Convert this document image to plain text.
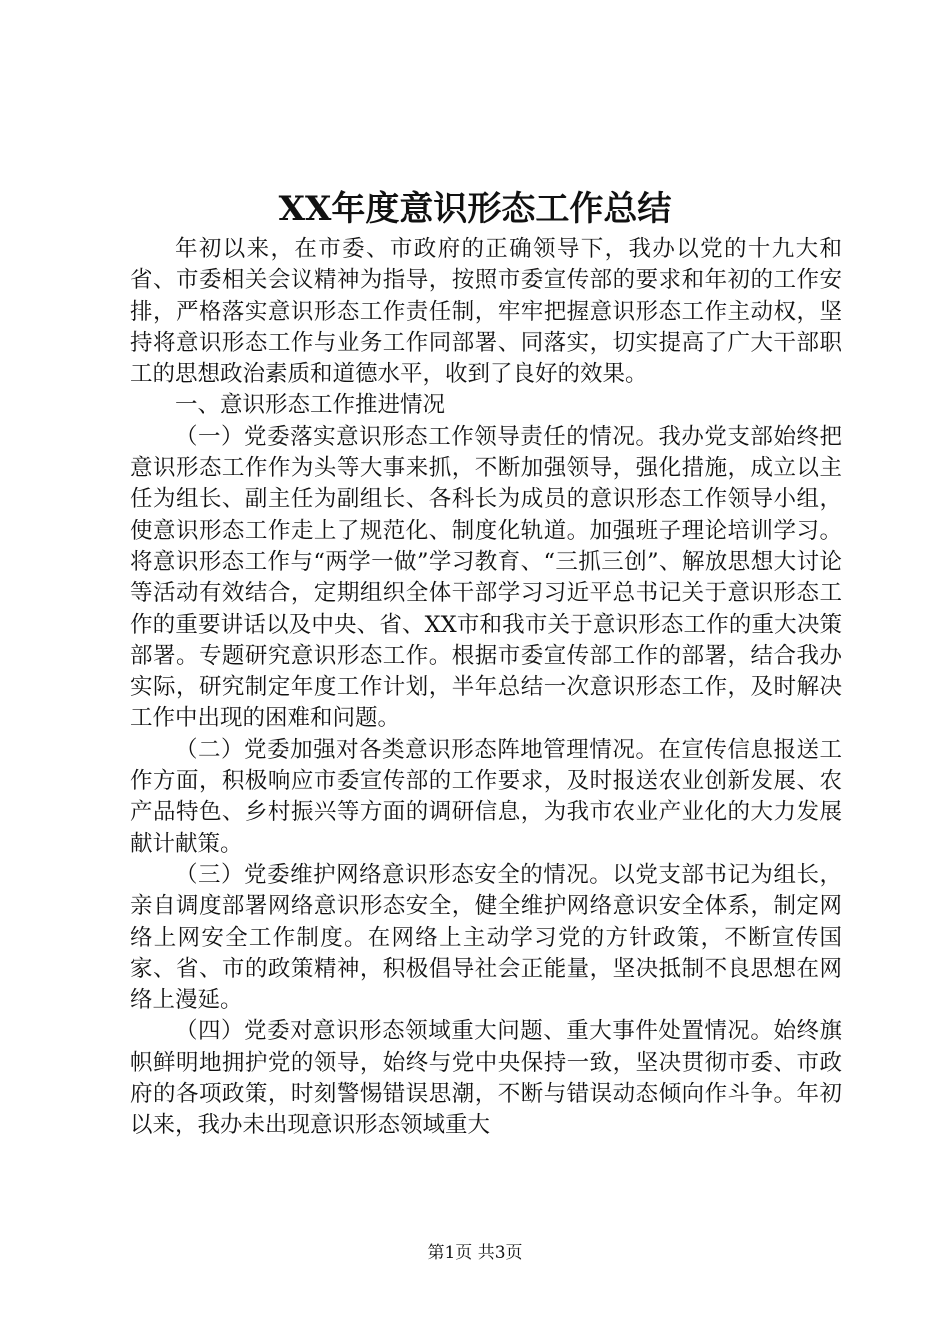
XX年度意识形态工作总结

年初以来，在市委、市政府的正确领导下，我办以党的十九大和省、市委相关会议精神为指导，按照市委宣传部的要求和年初的工作安排，严格落实意识形态工作责任制，牢牢把握意识形态工作主动权，坚持将意识形态工作与业务工作同部署、同落实，切实提高了广大干部职工的思想政治素质和道德水平，收到了良好的效果。

一、意识形态工作推进情况

（一）党委落实意识形态工作领导责任的情况。我办党支部始终把意识形态工作作为头等大事来抓，不断加强领导，强化措施，成立以主任为组长、副主任为副组长、各科长为成员的意识形态工作领导小组，使意识形态工作走上了规范化、制度化轨道。加强班子理论培训学习。将意识形态工作与“两学一做”学习教育、“三抓三创”、解放思想大讨论等活动有效结合，定期组织全体干部学习习近平总书记关于意识形态工作的重要讲话以及中央、省、XX市和我市关于意识形态工作的重大决策部署。专题研究意识形态工作。根据市委宣传部工作的部署，结合我办实际，研究制定年度工作计划，半年总结一次意识形态工作，及时解决工作中出现的困难和问题。

（二）党委加强对各类意识形态阵地管理情况。在宣传信息报送工作方面，积极响应市委宣传部的工作要求，及时报送农业创新发展、农产品特色、乡村振兴等方面的调研信息，为我市农业产业化的大力发展献计献策。

（三）党委维护网络意识形态安全的情况。以党支部书记为组长，亲自调度部署网络意识形态安全，健全维护网络意识安全体系，制定网络上网安全工作制度。在网络上主动学习党的方针政策，不断宣传国家、省、市的政策精神，积极倡导社会正能量，坚决抵制不良思想在网络上漫延。

（四）党委对意识形态领域重大问题、重大事件处置情况。始终旗帜鲜明地拥护党的领导，始终与党中央保持一致，坚决贯彻市委、市政府的各项政策，时刻警惕错误思潮，不断与错误动态倾向作斗争。年初以来，我办未出现意识形态领域重大

第1页 共3页
